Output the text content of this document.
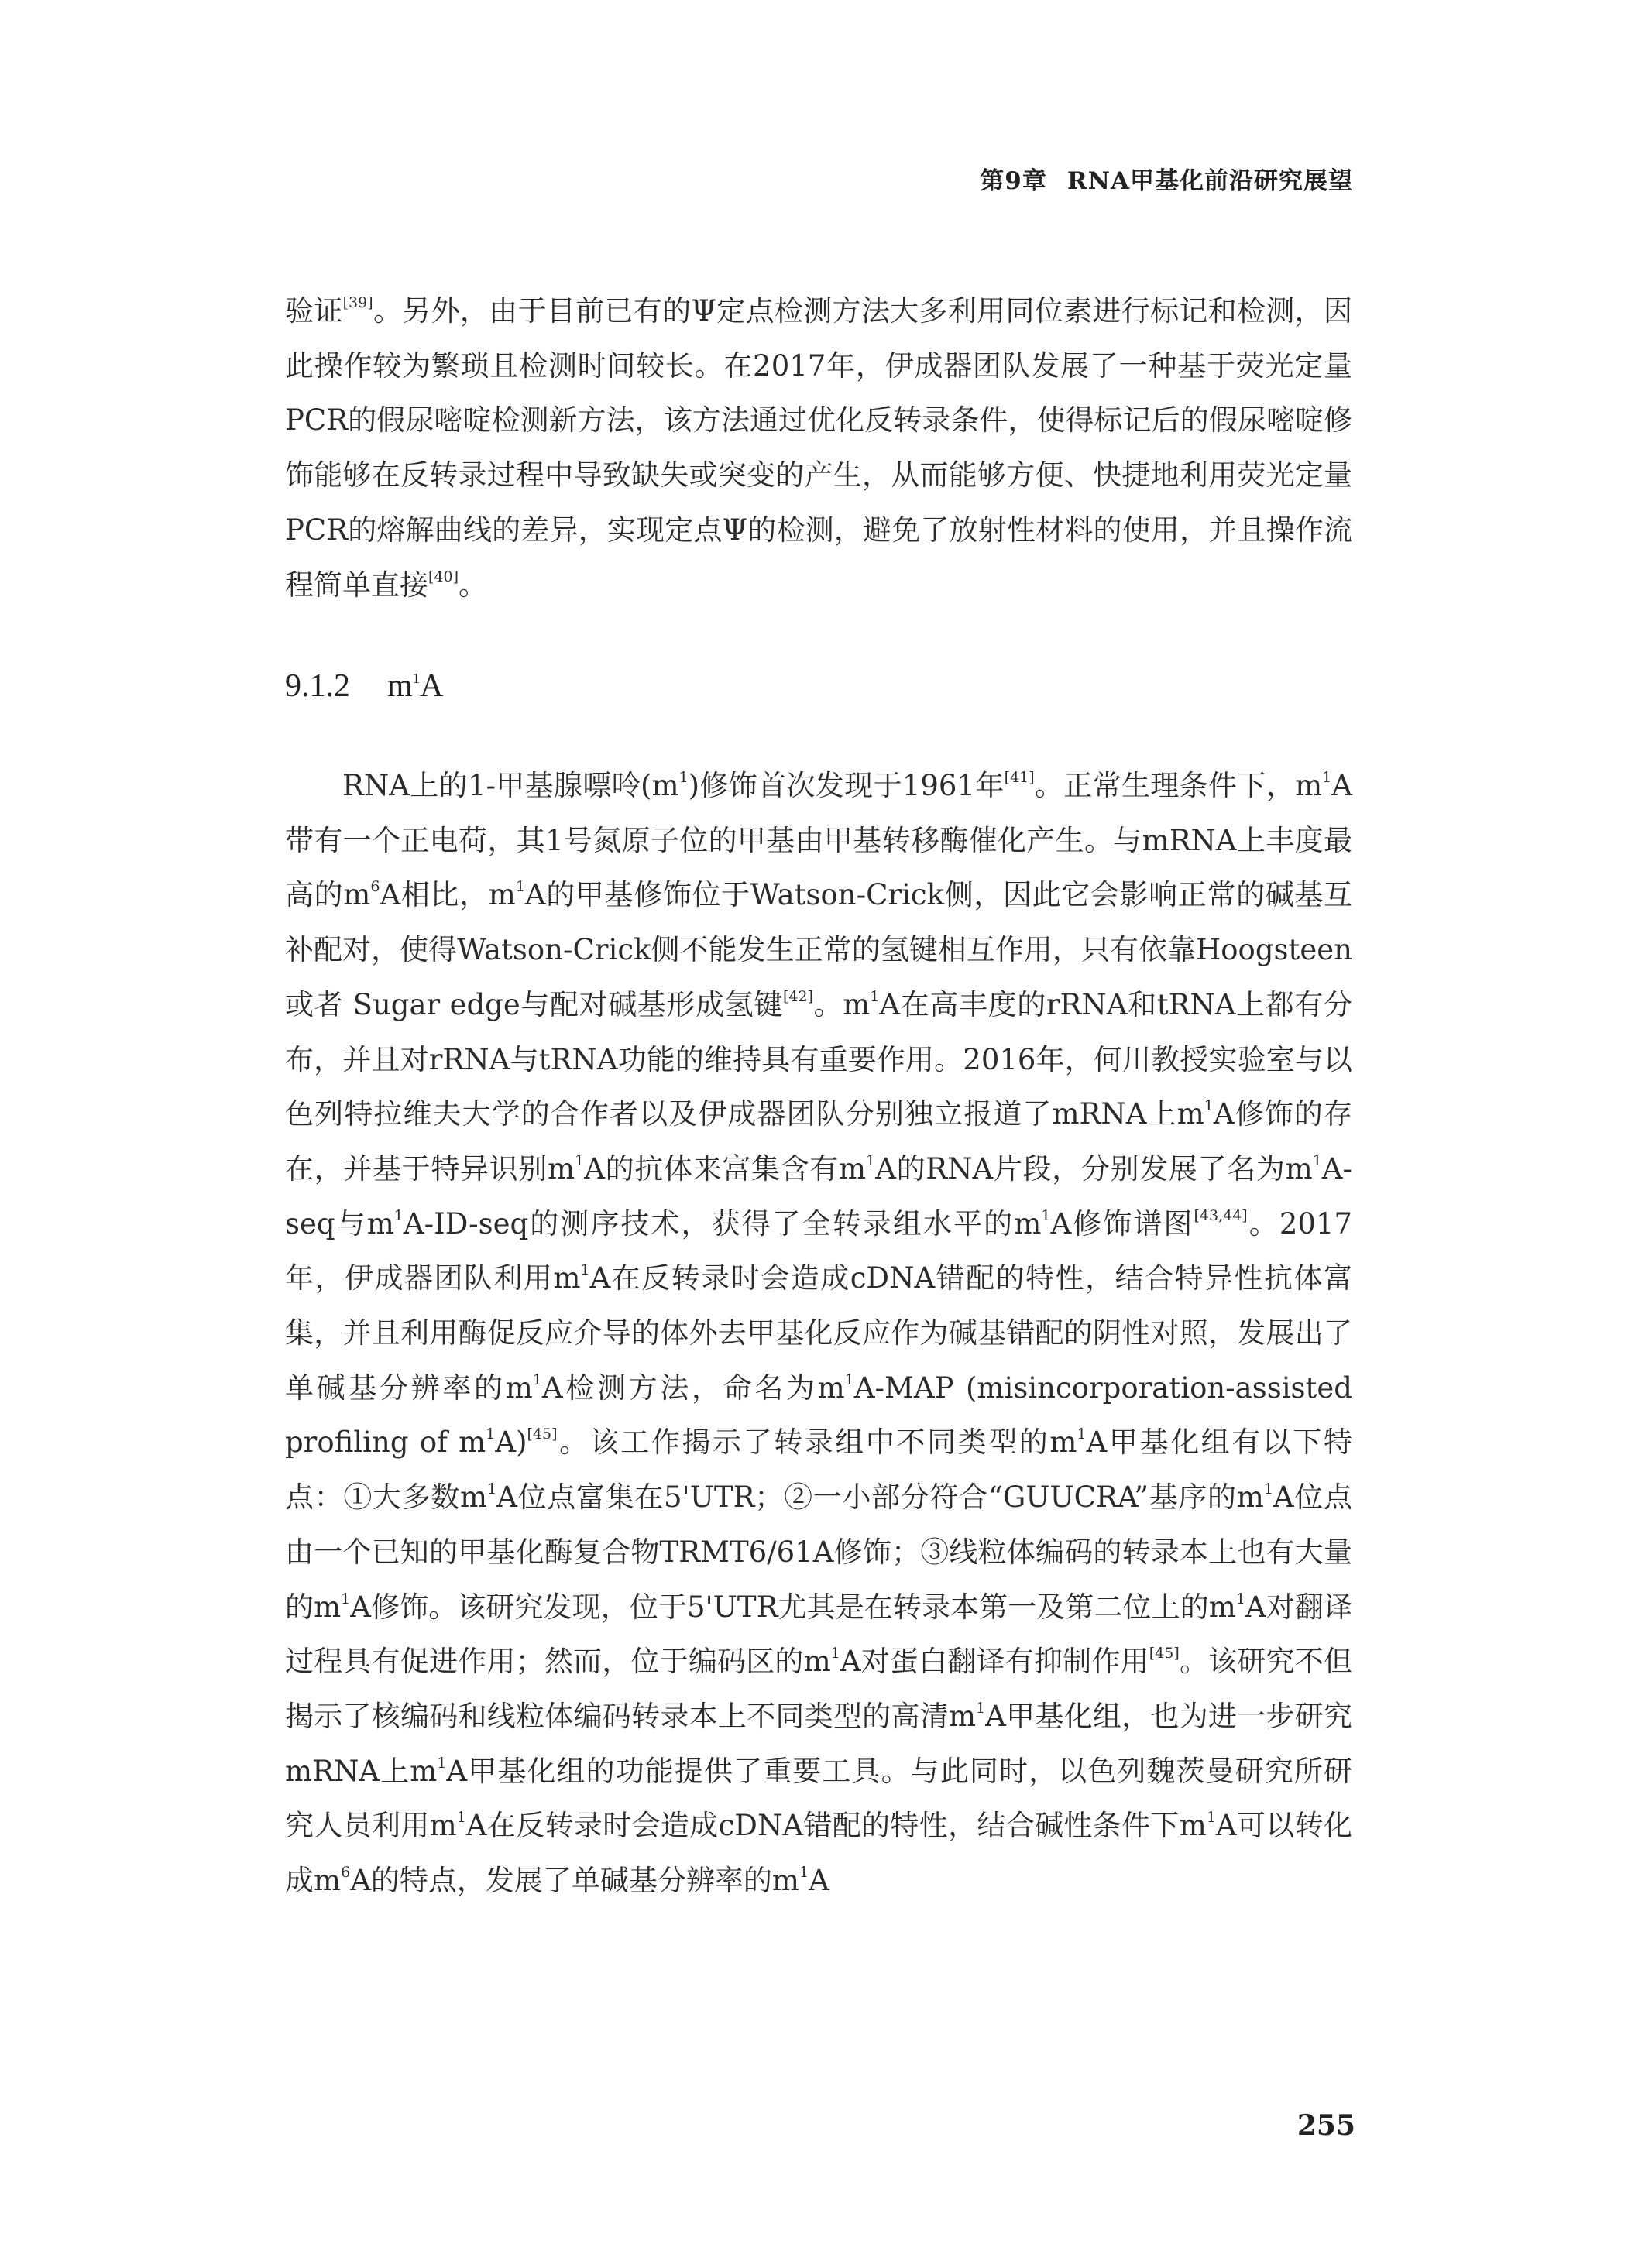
第9章 RNA甲基化前沿研究展望

验证[39]。另外，由于目前已有的Ψ定点检测方法大多利用同位素进行标记和检测，因此操作较为繁琐且检测时间较长。在2017年，伊成器团队发展了一种基于荧光定量PCR的假尿嘧啶检测新方法，该方法通过优化反转录条件，使得标记后的假尿嘧啶修饰能够在反转录过程中导致缺失或突变的产生，从而能够方便、快捷地利用荧光定量PCR的熔解曲线的差异，实现定点Ψ的检测，避免了放射性材料的使用，并且操作流程简单直接[40]。

9.1.2 $m^1A$

RNA上的1-甲基腺嘌呤$(m^1)$修饰首次发现于1961年[41]。正常生理条件下，$m^1A$带有一个正电荷，其1号氮原子位的甲基由甲基转移酶催化产生。与mRNA上丰度最高的$m^6A$相比，$m^1A$的甲基修饰位于Watson-Crick侧，因此它会影响正常的碱基互补配对，使得Watson-Crick侧不能发生正常的氢键相互作用，只有依靠Hoogsteen或者 Sugar edge与配对碱基形成氢键[42]。$m^1A$在高丰度的rRNA和tRNA上都有分布，并且对rRNA与tRNA功能的维持具有重要作用。2016年，何川教授实验室与以色列特拉维夫大学的合作者以及伊成器团队分别独立报道了mRNA上$m^1A$修饰的存在，并基于特异识别$m^1A$的抗体来富集含有$m^1A$的RNA片段，分别发展了名为$m^1A$-seq与$m^1A-ID$-seq的测序技术，获得了全转录组水平的$m^1A$修饰谱图[43,44]。2017年，伊成器团队利用$m^1A$在反转录时会造成cDNA错配的特性，结合特异性抗体富集，并且利用酶促反应介导的体外去甲基化反应作为碱基错配的阴性对照，发展出了单碱基分辨率的$m^1A$检测方法，命名为$m^1A$-MAP (misincorporation-assisted profiling of $m^1A)[45]$。该工作揭示了转录组中不同类型的$m^1A$甲基化组有以下特点：①大多数$m^1A$位点富集在5'UTR；②一小部分符合“GUUCRA”基序的$m^1A$位点由一个已知的甲基化酶复合物TRMT6/61A修饰；③线粒体编码的转录本上也有大量的$m^1A$修饰。该研究发现，位于5'UTR尤其是在转录本第一及第二位上的$m^1A$对翻译过程具有促进作用；然而，位于编码区的$m^1A$对蛋白翻译有抑制作用[45]。该研究不但揭示了核编码和线粒体编码转录本上不同类型的高清$m^1A$甲基化组，也为进一步研究mRNA上$m^1A$甲基化组的功能提供了重要工具。与此同时，以色列魏茨曼研究所研究人员利用$m^1A$在反转录时会造成cDNA错配的特性，结合碱性条件下$m^1A$可以转化成$m^6A$的特点，发展了单碱基分辨率的$m^1A$

255
